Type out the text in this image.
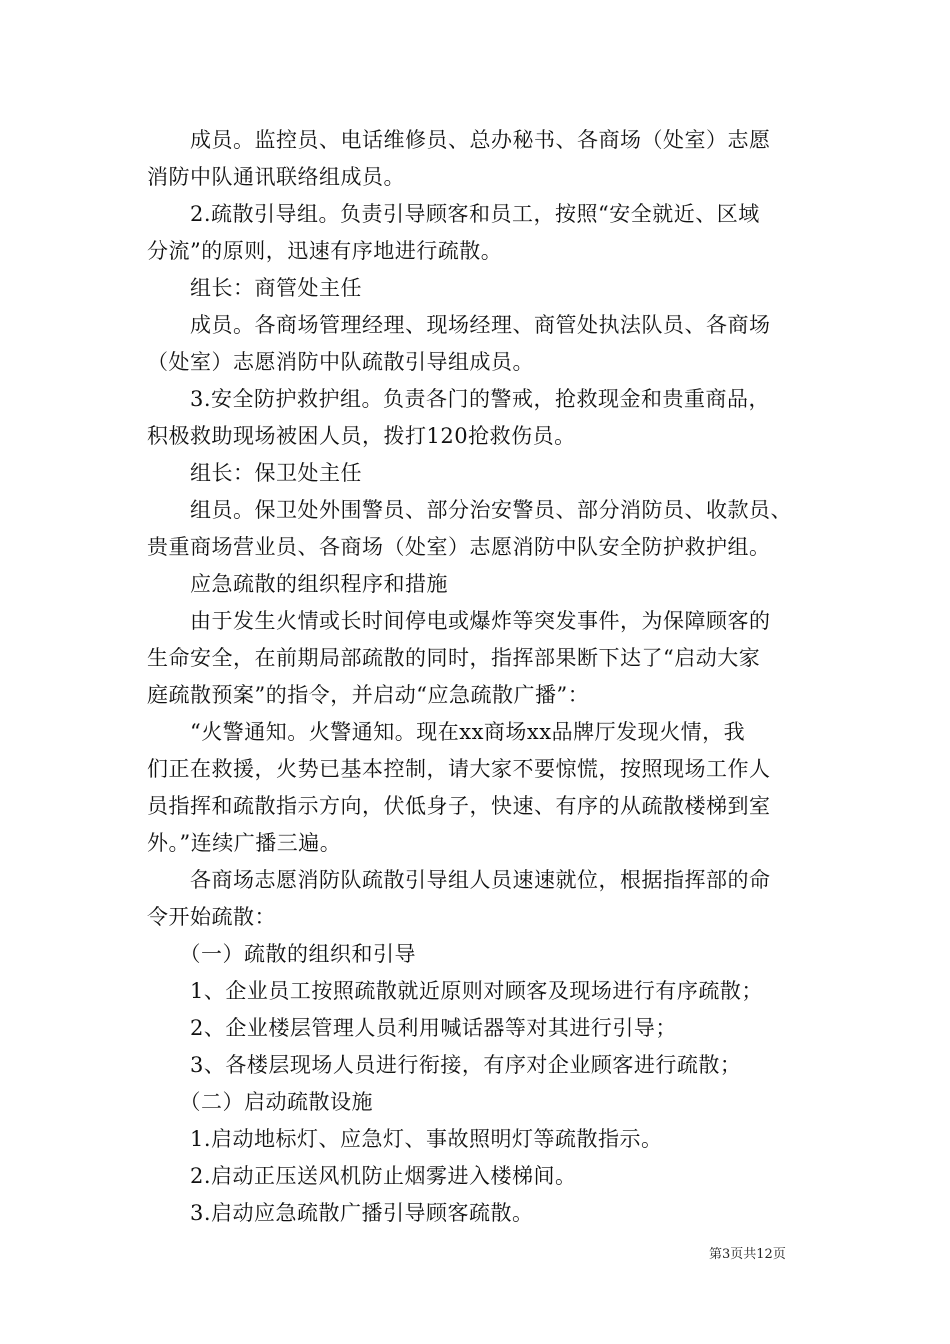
　　成员。监控员、电话维修员、总办秘书、各商场（处室）志愿
消防中队通讯联络组成员。
　　2.疏散引导组。负责引导顾客和员工，按照“安全就近、区域
分流”的原则，迅速有序地进行疏散。
　　组长：商管处主任
　　成员。各商场管理经理、现场经理、商管处执法队员、各商场
（处室）志愿消防中队疏散引导组成员。
　　3.安全防护救护组。负责各门的警戒，抢救现金和贵重商品，
积极救助现场被困人员，拨打120抢救伤员。
　　组长：保卫处主任
　　组员。保卫处外围警员、部分治安警员、部分消防员、收款员、
贵重商场营业员、各商场（处室）志愿消防中队安全防护救护组。
　　应急疏散的组织程序和措施
　　由于发生火情或长时间停电或爆炸等突发事件，为保障顾客的
生命安全，在前期局部疏散的同时，指挥部果断下达了“启动大家
庭疏散预案”的指令，并启动“应急疏散广播”：
　　“火警通知。火警通知。现在xx商场xx品牌厅发现火情，我
们正在救援，火势已基本控制，请大家不要惊慌，按照现场工作人
员指挥和疏散指示方向，伏低身子，快速、有序的从疏散楼梯到室
外。”连续广播三遍。
　　各商场志愿消防队疏散引导组人员速速就位，根据指挥部的命
令开始疏散：
　　（一）疏散的组织和引导
　　1、企业员工按照疏散就近原则对顾客及现场进行有序疏散；
　　2、企业楼层管理人员利用喊话器等对其进行引导；
　　3、各楼层现场人员进行衔接，有序对企业顾客进行疏散；
　　（二）启动疏散设施
　　1.启动地标灯、应急灯、事故照明灯等疏散指示。
　　2.启动正压送风机防止烟雾进入楼梯间。
　　3.启动应急疏散广播引导顾客疏散。
第3页共12页
